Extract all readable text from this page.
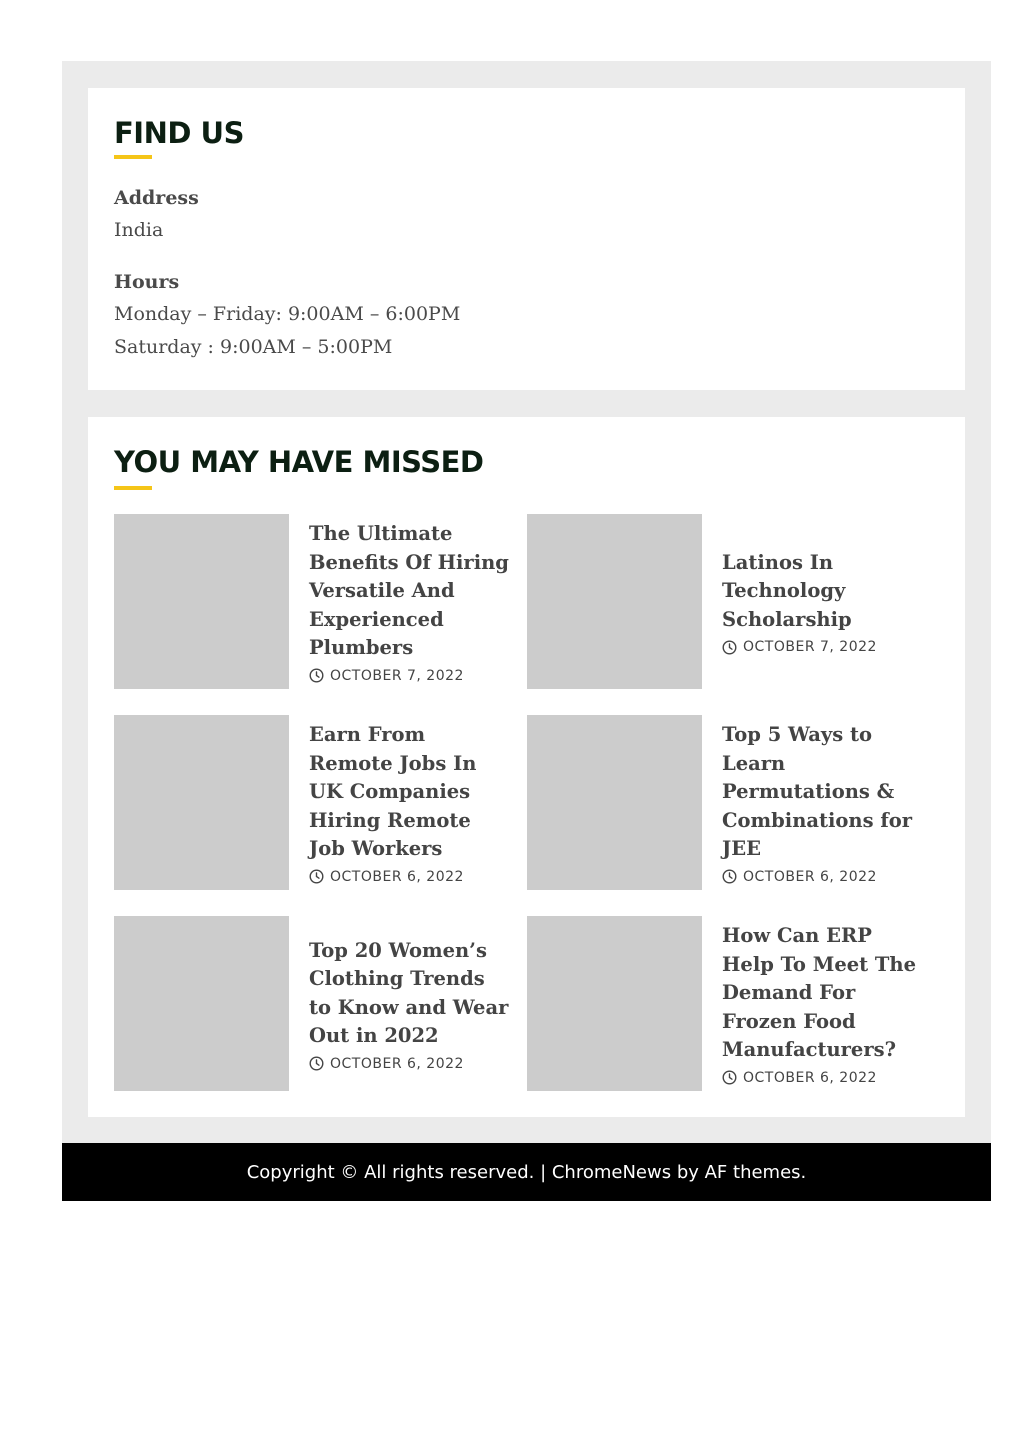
FIND US
Address
India
Hours
Monday – Friday: 9:00AM – 6:00PM
Saturday : 9:00AM – 5:00PM
YOU MAY HAVE MISSED
The Ultimate Benefits Of Hiring Versatile And Experienced Plumbers
OCTOBER 7, 2022
Latinos In Technology Scholarship
OCTOBER 7, 2022
Earn From Remote Jobs In UK Companies Hiring Remote Job Workers
OCTOBER 6, 2022
Top 5 Ways to Learn Permutations & Combinations for JEE
OCTOBER 6, 2022
Top 20 Women’s Clothing Trends to Know and Wear Out in 2022
OCTOBER 6, 2022
How Can ERP Help To Meet The Demand For Frozen Food Manufacturers?
OCTOBER 6, 2022
Copyright © All rights reserved. | ChromeNews by AF themes.
